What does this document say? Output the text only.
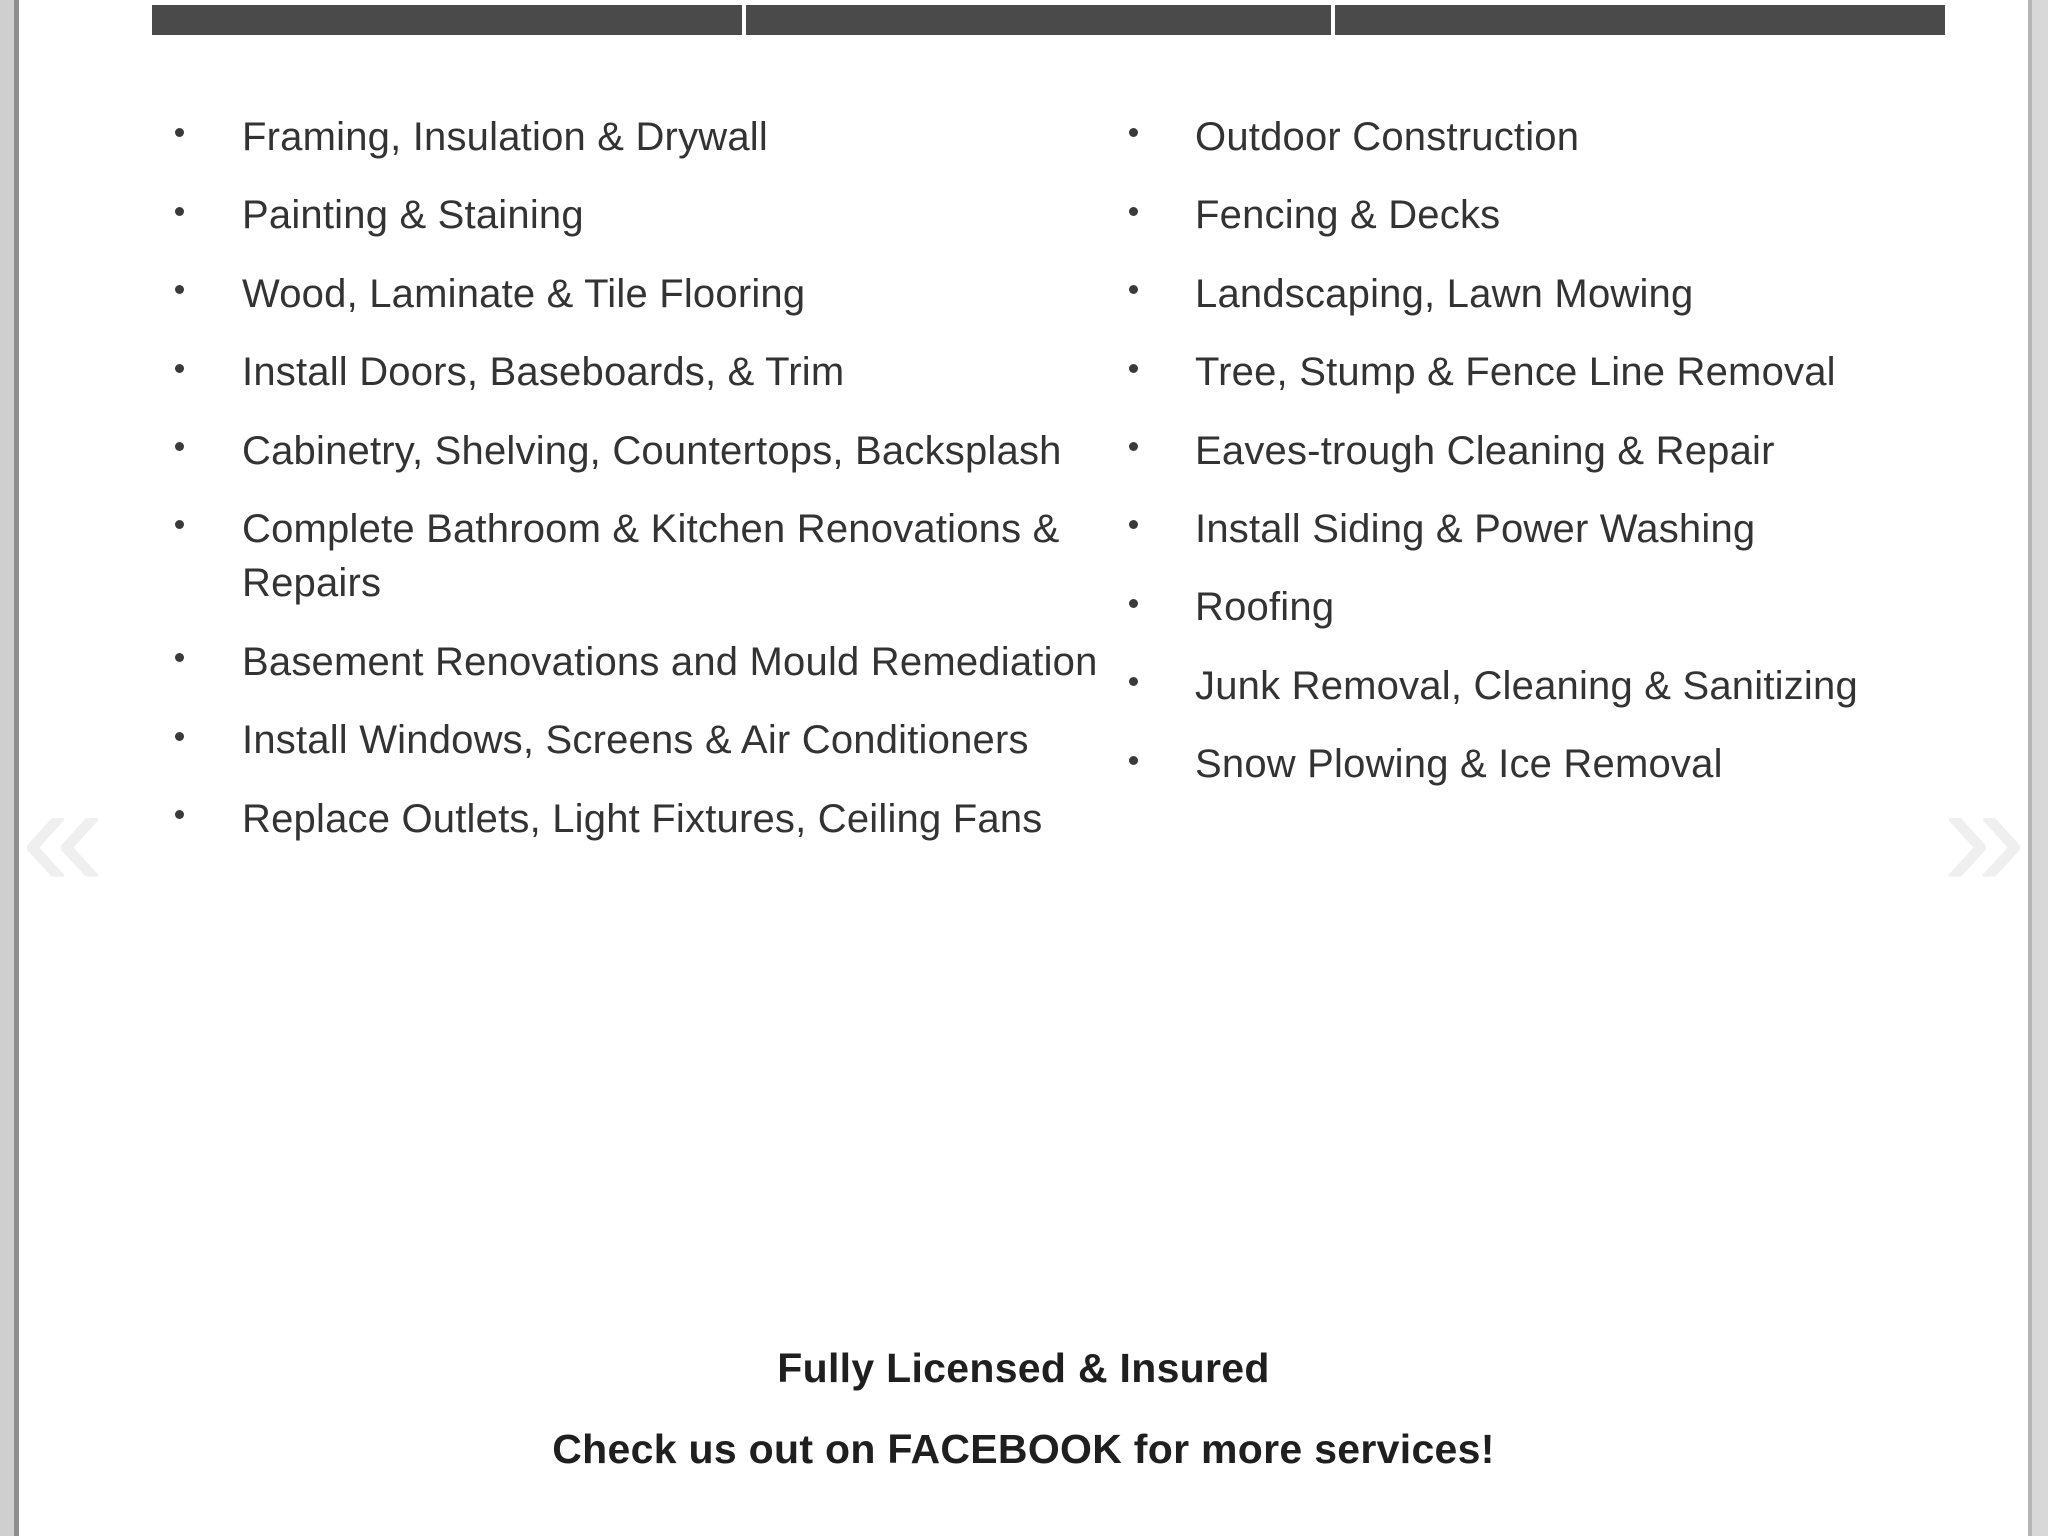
«	»
Framing, Insulation & Drywall
Painting & Staining
Wood, Laminate & Tile Flooring
Install Doors, Baseboards, & Trim
Cabinetry, Shelving, Countertops, Backsplash
Complete Bathroom & Kitchen Renovations & Repairs
Basement Renovations and Mould Remediation
Install Windows, Screens & Air Conditioners
Replace Outlets, Light Fixtures, Ceiling Fans
Outdoor Construction
Fencing & Decks
Landscaping, Lawn Mowing
Tree, Stump & Fence Line Removal
Eaves-trough Cleaning & Repair
Install Siding & Power Washing
Roofing
Junk Removal, Cleaning & Sanitizing
Snow Plowing & Ice Removal
Fully Licensed & Insured
Check us out on FACEBOOK for more services!
